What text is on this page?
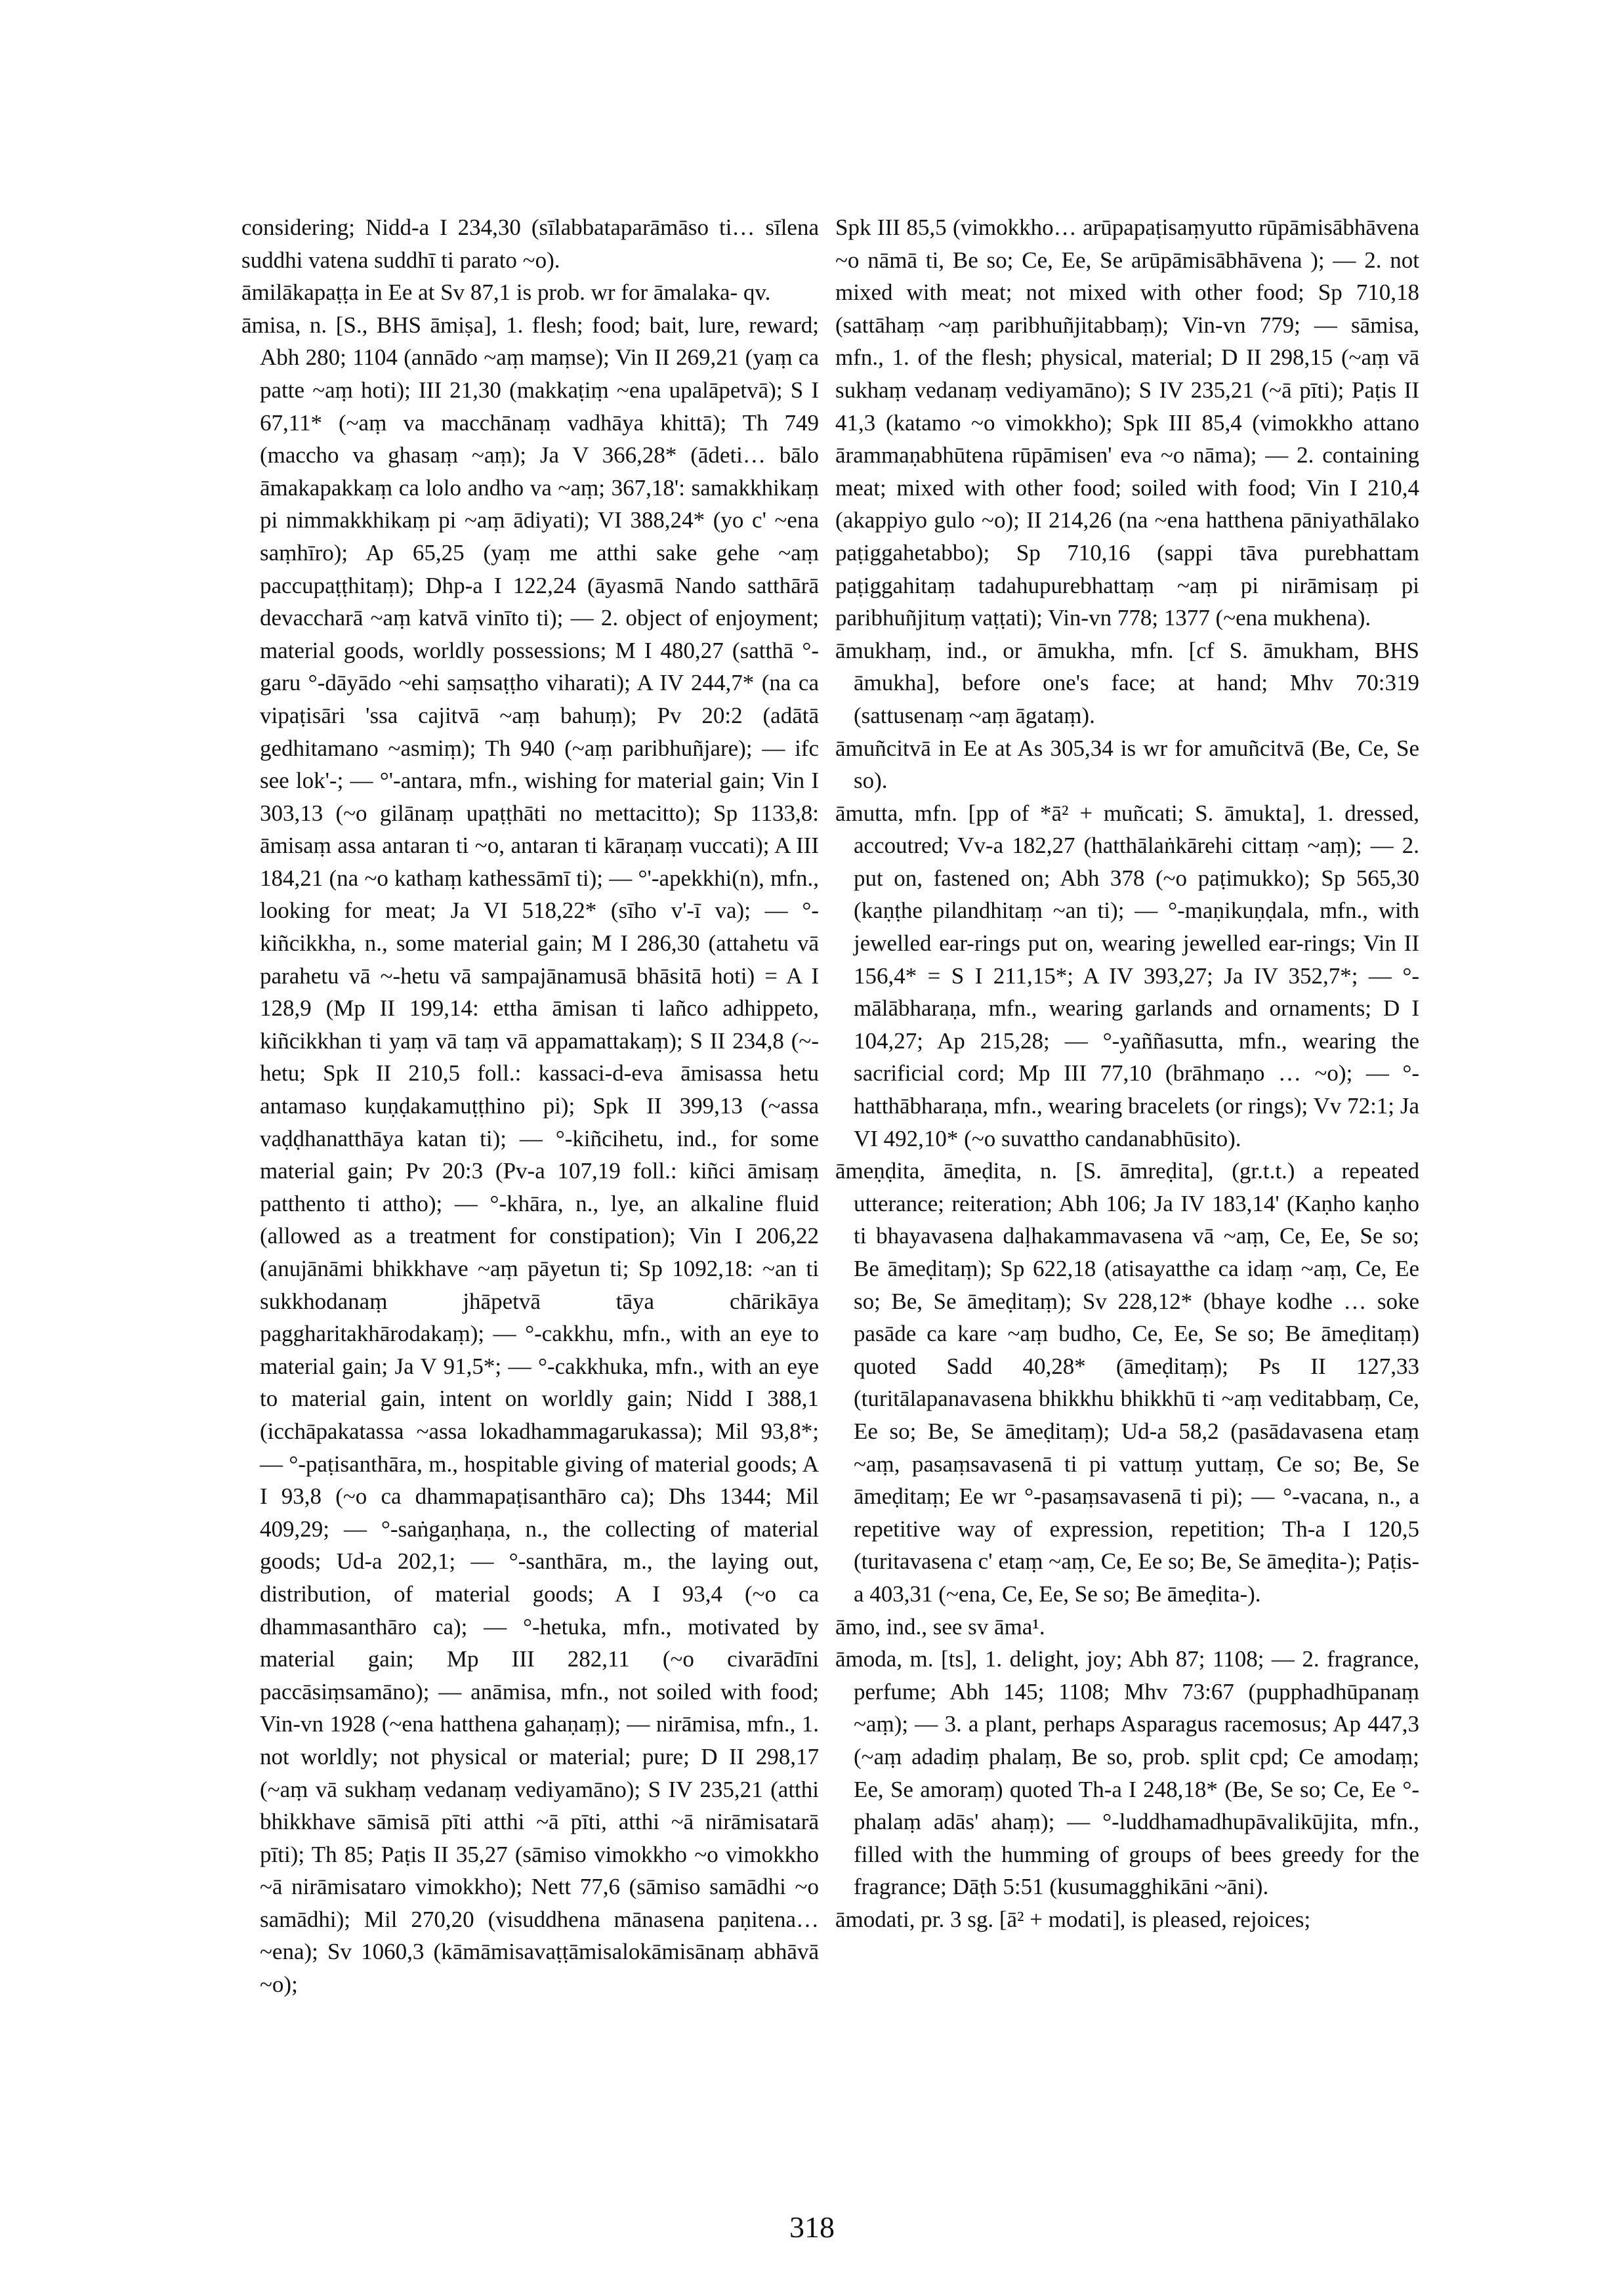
considering; Nidd-a I 234,30 (sīlabbataparāmāso ti… sīlena suddhi vatena suddhī ti parato ~o).

āmilākapaṭṭa in Ee at Sv 87,1 is prob. wr for āmalaka- qv.

āmisa, n. [S., BHS āmiṣa], 1. flesh; food; bait, lure, reward; Abh 280; 1104 (annādo ~aṃ maṃse); Vin II 269,21 (yaṃ ca patte ~aṃ hoti); III 21,30 (makkaṭiṃ ~ena upalāpetvā); S I 67,11* (~aṃ va macchānaṃ vadhāya khittā); Th 749 (maccho va ghasaṃ ~aṃ); Ja V 366,28* (ādeti… bālo āmakapakkaṃ ca lolo andho va ~aṃ; 367,18': samakkhikaṃ pi nimmakkhikaṃ pi ~aṃ ādiyati); VI 388,24* (yo c' ~ena saṃhīro); Ap 65,25 (yaṃ me atthi sake gehe ~aṃ paccupaṭṭhitaṃ); Dhp-a I 122,24 (āyasmā Nando satthārā devaccharā ~aṃ katvā vinīto ti); — 2. object of enjoyment; material goods, worldly possessions; M I 480,27 (satthā °-garu °-dāyādo ~ehi saṃsaṭṭho viharati); A IV 244,7* (na ca vipaṭisāri 'ssa cajitvā ~aṃ bahuṃ); Pv 20:2 (adātā gedhitamano ~asmiṃ); Th 940 (~aṃ paribhuñjare); — ifc see lok'-; — °'-antara, mfn., wishing for material gain; Vin I 303,13 (~o gilānaṃ upaṭṭhāti no mettacitto); Sp 1133,8: āmisaṃ assa antaran ti ~o, antaran ti kāraṇaṃ vuccati); A III 184,21 (na ~o kathaṃ kathessāmī ti); — °'-apekkhi(n), mfn., looking for meat; Ja VI 518,22* (sīho v'-ī va); — °-kiñcikkha, n., some material gain; M I 286,30 (attahetu vā parahetu vā ~-hetu vā sampajānamusā bhāsitā hoti) = A I 128,9 (Mp II 199,14: ettha āmisan ti lañco adhippeto, kiñcikkhan ti yaṃ vā taṃ vā appamattakaṃ); S II 234,8 (~-hetu; Spk II 210,5 foll.: kassaci-d-eva āmisassa hetu antamaso kuṇḍakamuṭṭhino pi); Spk II 399,13 (~assa vaḍḍhanatthāya katan ti); — °-kiñcihetu, ind., for some material gain; Pv 20:3 (Pv-a 107,19 foll.: kiñci āmisaṃ patthento ti attho); — °-khāra, n., lye, an alkaline fluid (allowed as a treatment for constipation); Vin I 206,22 (anujānāmi bhikkhave ~aṃ pāyetun ti; Sp 1092,18: ~an ti sukkhodanaṃ jhāpetvā tāya chārikāya paggharitakhārodakaṃ); — °-cakkhu, mfn., with an eye to material gain; Ja V 91,5*; — °-cakkhuka, mfn., with an eye to material gain, intent on worldly gain; Nidd I 388,1 (icchāpakatassa ~assa lokadhammagarukassa); Mil 93,8*; — °-paṭisanthāra, m., hospitable giving of material goods; A I 93,8 (~o ca dhammapaṭisanthāro ca); Dhs 1344; Mil 409,29; — °-saṅgaṇhaṇa, n., the collecting of material goods; Ud-a 202,1; — °-santhāra, m., the laying out, distribution, of material goods; A I 93,4 (~o ca dhammasanthāro ca); — °-hetuka, mfn., motivated by material gain; Mp III 282,11 (~o civarādīni paccāsiṃsamāno); — anāmisa, mfn., not soiled with food; Vin-vn 1928 (~ena hatthena gahaṇaṃ); — nirāmisa, mfn., 1. not worldly; not physical or material; pure; D II 298,17 (~aṃ vā sukhaṃ vedanaṃ vediyamāno); S IV 235,21 (atthi bhikkhave sāmisā pīti atthi ~ā pīti, atthi ~ā nirāmisatarā pīti); Th 85; Paṭis II 35,27 (sāmiso vimokkho ~o vimokkho ~ā nirāmisataro vimokkho); Nett 77,6 (sāmiso samādhi ~o samādhi); Mil 270,20 (visuddhena mānasena paṇitena… ~ena); Sv 1060,3 (kāmāmisavaṭṭāmisalokāmisānaṃ abhāvā ~o);

Spk III 85,5 (vimokkho… arūpapaṭisaṃyutto rūpāmisābhāvena ~o nāmā ti, Be so; Ce, Ee, Se arūpāmisābhāvena ); — 2. not mixed with meat; not mixed with other food; Sp 710,18 (sattāhaṃ ~aṃ paribhuñjitabbaṃ); Vin-vn 779; — sāmisa, mfn., 1. of the flesh; physical, material; D II 298,15 (~aṃ vā sukhaṃ vedanaṃ vediyamāno); S IV 235,21 (~ā pīti); Paṭis II 41,3 (katamo ~o vimokkho); Spk III 85,4 (vimokkho attano ārammaṇabhūtena rūpāmisen' eva ~o nāma); — 2. containing meat; mixed with other food; soiled with food; Vin I 210,4 (akappiyo gulo ~o); II 214,26 (na ~ena hatthena pāniyathālako paṭiggahetabbo); Sp 710,16 (sappi tāva purebhattam paṭiggahitaṃ tadahupurebhattaṃ ~aṃ pi nirāmisaṃ pi paribhuñjituṃ vaṭṭati); Vin-vn 778; 1377 (~ena mukhena).

āmukhaṃ, ind., or āmukha, mfn. [cf S. āmukham, BHS āmukha], before one's face; at hand; Mhv 70:319 (sattusenaṃ ~aṃ āgataṃ).

āmuñcitvā in Ee at As 305,34 is wr for amuñcitvā (Be, Ce, Se so).

āmutta, mfn. [pp of *ā² + muñcati; S. āmukta], 1. dressed, accoutred; Vv-a 182,27 (hatthālaṅkārehi cittaṃ ~aṃ); — 2. put on, fastened on; Abh 378 (~o paṭimukko); Sp 565,30 (kaṇṭhe pilandhitaṃ ~an ti); — °-maṇikuṇḍala, mfn., with jewelled ear-rings put on, wearing jewelled ear-rings; Vin II 156,4* = S I 211,15*; A IV 393,27; Ja IV 352,7*; — °-mālābharaṇa, mfn., wearing garlands and ornaments; D I 104,27; Ap 215,28; — °-yaññasutta, mfn., wearing the sacrificial cord; Mp III 77,10 (brāhmaṇo … ~o); — °-hatthābharaṇa, mfn., wearing bracelets (or rings); Vv 72:1; Ja VI 492,10* (~o suvattho candanabhūsito).

āmeṇḍita, āmeḍita, n. [S. āmreḍita], (gr.t.t.) a repeated utterance; reiteration; Abh 106; Ja IV 183,14' (Kaṇho kaṇho ti bhayavasena daḷhakammavasena vā ~aṃ, Ce, Ee, Se so; Be āmeḍitaṃ); Sp 622,18 (atisayatthe ca idaṃ ~aṃ, Ce, Ee so; Be, Se āmeḍitaṃ); Sv 228,12* (bhaye kodhe … soke pasāde ca kare ~aṃ budho, Ce, Ee, Se so; Be āmeḍitaṃ) quoted Sadd 40,28* (āmeḍitaṃ); Ps II 127,33 (turitālapanavasena bhikkhu bhikkhū ti ~aṃ veditabbaṃ, Ce, Ee so; Be, Se āmeḍitaṃ); Ud-a 58,2 (pasādavasena etaṃ ~aṃ, pasaṃsavasenā ti pi vattuṃ yuttaṃ, Ce so; Be, Se āmeḍitaṃ; Ee wr °-pasaṃsavasenā ti pi); — °-vacana, n., a repetitive way of expression, repetition; Th-a I 120,5 (turitavasena c' etaṃ ~aṃ, Ce, Ee so; Be, Se āmeḍita-); Paṭis-a 403,31 (~ena, Ce, Ee, Se so; Be āmeḍita-).

āmo, ind., see sv āma¹.

āmoda, m. [ts], 1. delight, joy; Abh 87; 1108; — 2. fragrance, perfume; Abh 145; 1108; Mhv 73:67 (pupphadhūpanaṃ ~aṃ); — 3. a plant, perhaps Asparagus racemosus; Ap 447,3 (~aṃ adadiṃ phalaṃ, Be so, prob. split cpd; Ce amodaṃ; Ee, Se amoraṃ) quoted Th-a I 248,18* (Be, Se so; Ce, Ee °-phalaṃ adās' ahaṃ); — °-luddhamadhupāvalikūjita, mfn., filled with the humming of groups of bees greedy for the fragrance; Dāṭh 5:51 (kusumagghikāni ~āni).

āmodati, pr. 3 sg. [ā² + modati], is pleased, rejoices;

318
